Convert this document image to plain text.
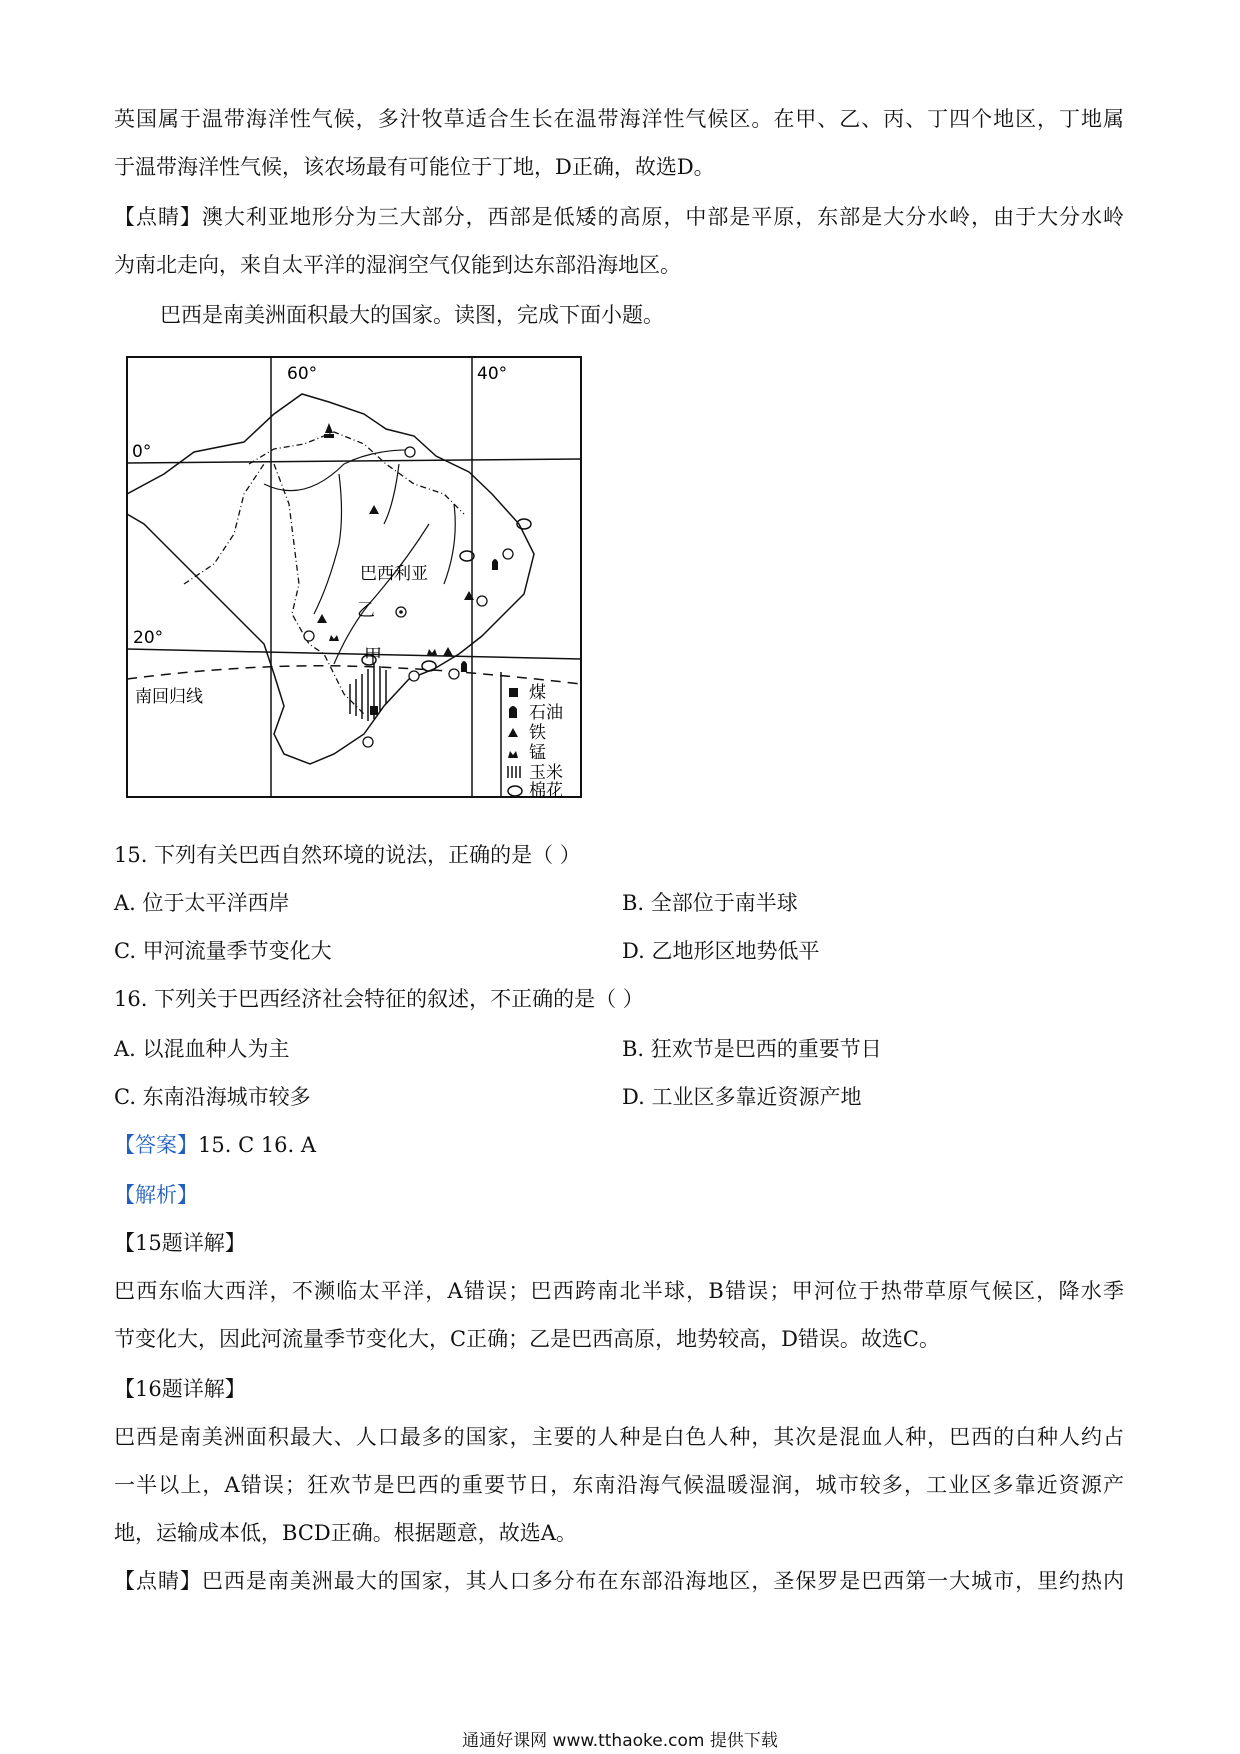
英国属于温带海洋性气候，多汁牧草适合生长在温带海洋性气候区。在甲、乙、丙、丁四个地区，丁地属
于温带海洋性气候，该农场最有可能位于丁地，D正确，故选D。
【点睛】澳大利亚地形分为三大部分，西部是低矮的高原，中部是平原，东部是大分水岭，由于大分水岭
为南北走向，来自太平洋的湿润空气仅能到达东部沿海地区。
巴西是南美洲面积最大的国家。读图，完成下面小题。
60°	40°
0°
20°
南回归线
巴西利亚
乙
甲
煤
石油
铁
锰
玉米
棉花
15. 下列有关巴西自然环境的说法，正确的是（ ）
A. 位于太平洋西岸	B. 全部位于南半球
C. 甲河流量季节变化大	D. 乙地形区地势低平
16. 下列关于巴西经济社会特征的叙述，不正确的是（ ）
A. 以混血种人为主	B. 狂欢节是巴西的重要节日
C. 东南沿海城市较多	D. 工业区多靠近资源产地
【答案】15. C 16. A
【解析】
【15题详解】
巴西东临大西洋，不濒临太平洋，A错误；巴西跨南北半球，B错误；甲河位于热带草原气候区，降水季
节变化大，因此河流量季节变化大，C正确；乙是巴西高原，地势较高，D错误。故选C。
【16题详解】
巴西是南美洲面积最大、人口最多的国家，主要的人种是白色人种，其次是混血人种，巴西的白种人约占
一半以上，A错误；狂欢节是巴西的重要节日，东南沿海气候温暖湿润，城市较多，工业区多靠近资源产
地，运输成本低，BCD正确。根据题意，故选A。
【点睛】巴西是南美洲最大的国家，其人口多分布在东部沿海地区，圣保罗是巴西第一大城市，里约热内
通通好课网 www.tthaoke.com 提供下载
